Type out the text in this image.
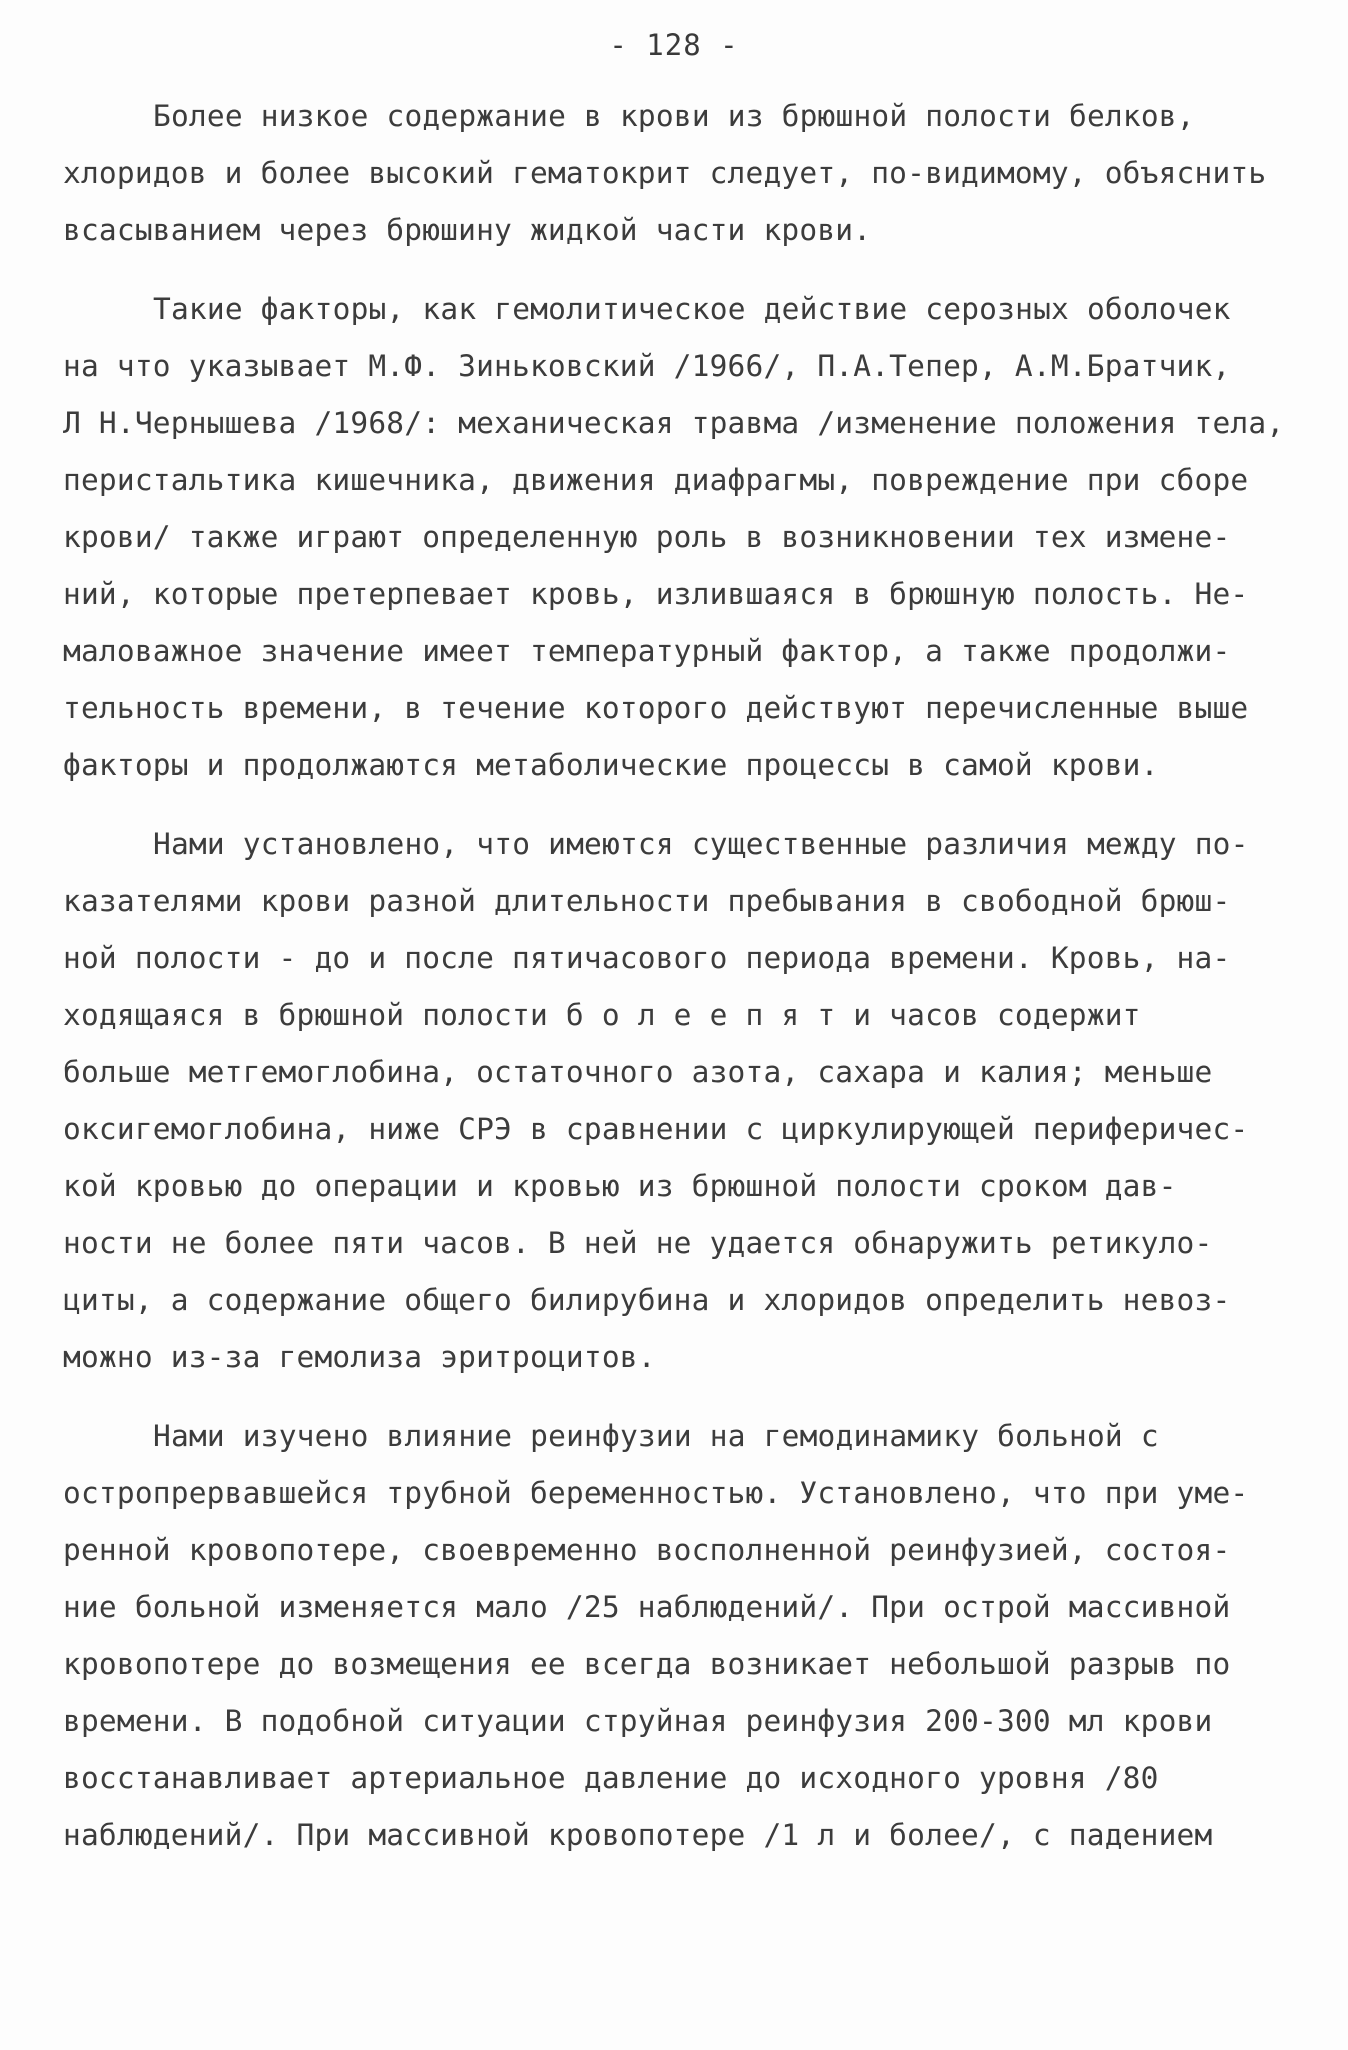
- 128 -
Более низкое содержание в крови из брюшной полости белков,
хлоридов и более высокий гематокрит следует, по-видимому, объяснить
всасыванием через брюшину жидкой части крови.
Такие факторы, как гемолитическое действие серозных оболочек
на что указывает М.Ф. Зиньковский /1966/, П.А.Тепер, А.М.Братчик,
Л Н.Чернышева /1968/: механическая травма /изменение положения тела,
перистальтика кишечника, движения диафрагмы, повреждение при сборе
крови/ также играют определенную роль в возникновении тех измене-
ний, которые претерпевает кровь, излившаяся в брюшную полость. Не-
маловажное значение имеет температурный фактор, а также продолжи-
тельность времени, в течение которого действуют перечисленные выше
факторы и продолжаются метаболические процессы в самой крови.
Нами установлено, что имеются существенные различия между по-
казателями крови разной длительности пребывания в свободной брюш-
ной полости - до и после пятичасового периода времени. Кровь, на-
ходящаяся в брюшной полости б о л е е п я т и часов содержит
больше метгемоглобина, остаточного азота, сахара и калия; меньше
оксигемоглобина, ниже СРЭ в сравнении с циркулирующей периферичес-
кой кровью до операции и кровью из брюшной полости сроком дав-
ности не более пяти часов. В ней не удается обнаружить ретикуло-
циты, а содержание общего билирубина и хлоридов определить невоз-
можно из-за гемолиза эритроцитов.
Нами изучено влияние реинфузии на гемодинамику больной с
остропрервавшейся трубной беременностью. Установлено, что при уме-
ренной кровопотере, своевременно восполненной реинфузией, состоя-
ние больной изменяется мало /25 наблюдений/. При острой массивной
кровопотере до возмещения ее всегда возникает небольшой разрыв по
времени. В подобной ситуации струйная реинфузия 200-300 мл крови
восстанавливает артериальное давление до исходного уровня /80
наблюдений/. При массивной кровопотере /1 л и более/, с падением
